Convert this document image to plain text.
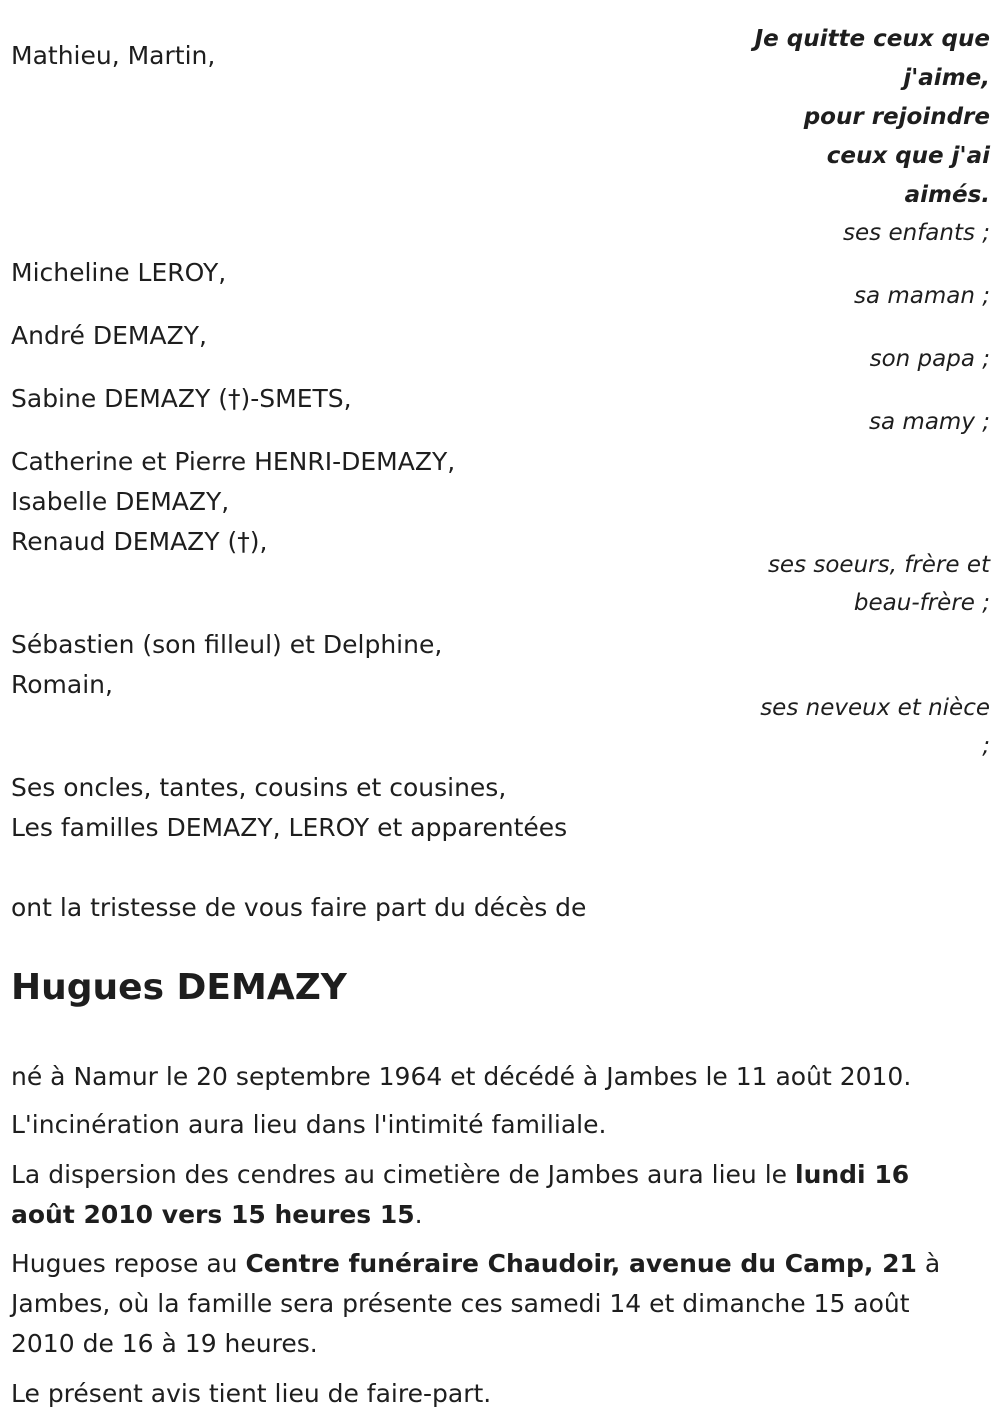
Je quitte ceux que
j'aime,
pour rejoindre
ceux que j'ai
aimés.
Mathieu, Martin,
ses enfants ;
Micheline LEROY,
sa maman ;
André DEMAZY,
son papa ;
Sabine DEMAZY (†)-SMETS,
sa mamy ;
Catherine et Pierre HENRI-DEMAZY,
Isabelle DEMAZY,
Renaud DEMAZY (†),
ses soeurs, frère et
beau-frère ;
Sébastien (son filleul) et Delphine,
Romain,
ses neveux et nièce
;
Ses oncles, tantes, cousins et cousines,
Les familles DEMAZY, LEROY et apparentées
ont la tristesse de vous faire part du décès de
Hugues DEMAZY
né à Namur le 20 septembre 1964 et décédé à Jambes le 11 août 2010.
L'incinération aura lieu dans l'intimité familiale.
La dispersion des cendres au cimetière de Jambes aura lieu le lundi 16 août 2010 vers 15 heures 15.
Hugues repose au Centre funéraire Chaudoir, avenue du Camp, 21 à Jambes, où la famille sera présente ces samedi 14 et dimanche 15 août 2010 de 16 à 19 heures.
Le présent avis tient lieu de faire-part.
